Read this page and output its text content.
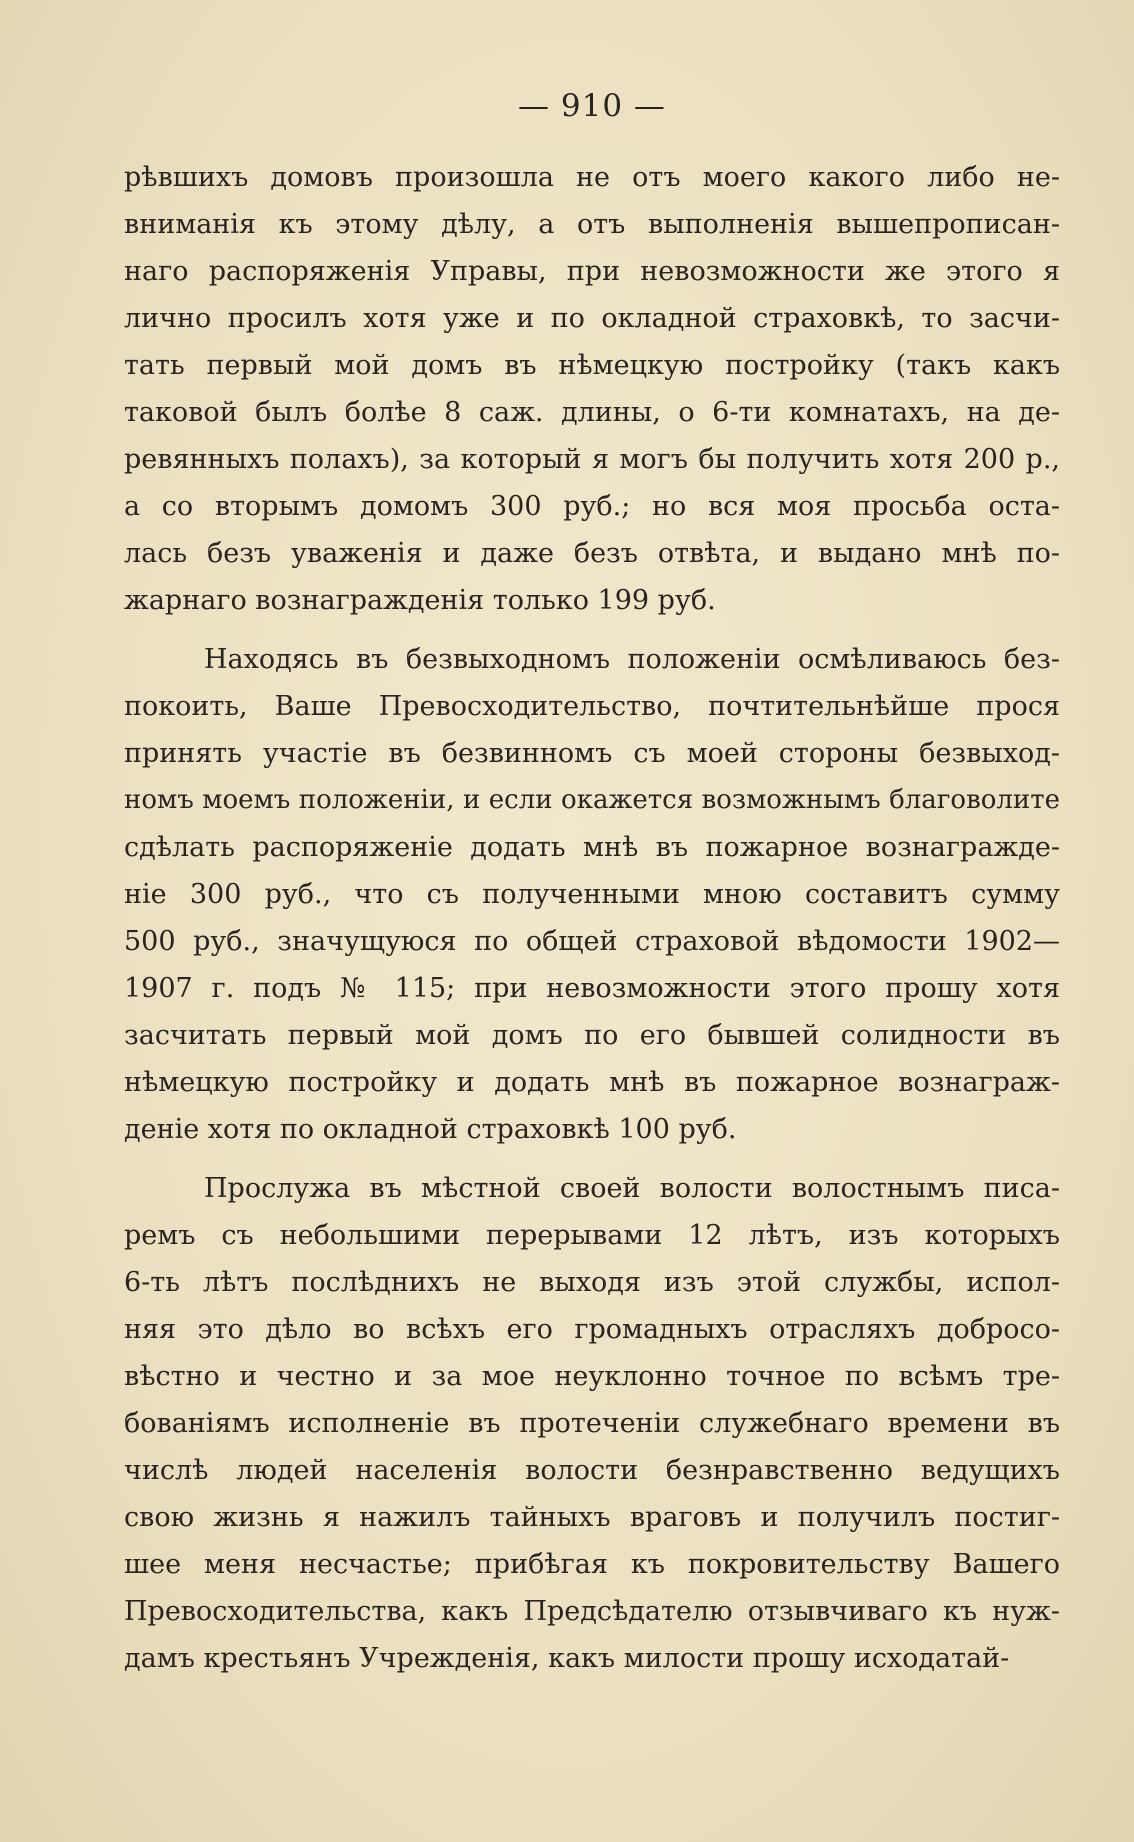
— 910 —
рѣвшихъ домовъ произошла не отъ моего какого либо не-
вниманія къ этому дѣлу, а отъ выполненія вышепрописан-
наго распоряженія Управы, при невозможности же этого я
лично просилъ хотя уже и по окладной страховкѣ, то засчи-
тать первый мой домъ въ нѣмецкую постройку (такъ какъ
таковой былъ болѣе 8 саж. длины, о 6-ти комнатахъ, на де-
ревянныхъ полахъ), за который я могъ бы получить хотя 200 р.,
а со вторымъ домомъ 300 руб.; но вся моя просьба оста-
лась безъ уваженія и даже безъ отвѣта, и выдано мнѣ по-
жарнаго вознагражденія только 199 руб.
Находясь въ безвыходномъ положеніи осмѣливаюсь без-
покоить, Ваше Превосходительство, почтительнѣйше прося
принять участіе въ безвинномъ съ моей стороны безвыход-
номъ моемъ положеніи, и если окажется возможнымъ благоволите
сдѣлать распоряженіе додать мнѣ въ пожарное вознагражде-
ніе 300 руб., что съ полученными мною составитъ сумму
500 руб., значущуюся по общей страховой вѣдомости 1902—
1907 г. подъ № 115; при невозможности этого прошу хотя
засчитать первый мой домъ по его бывшей солидности въ
нѣмецкую постройку и додать мнѣ въ пожарное вознаграж-
деніе хотя по окладной страховкѣ 100 руб.
Прослужа въ мѣстной своей волости волостнымъ писа-
ремъ съ небольшими перерывами 12 лѣтъ, изъ которыхъ
6-ть лѣтъ послѣднихъ не выходя изъ этой службы, испол-
няя это дѣло во всѣхъ его громадныхъ отрасляхъ добросо-
вѣстно и честно и за мое неуклонно точное по всѣмъ тре-
бованіямъ исполненіе въ протеченіи служебнаго времени въ
числѣ людей населенія волости безнравственно ведущихъ
свою жизнь я нажилъ тайныхъ враговъ и получилъ постиг-
шее меня несчастье; прибѣгая къ покровительству Вашего
Превосходительства, какъ Предсѣдателю отзывчиваго къ нуж-
дамъ крестьянъ Учрежденія, какъ милости прошу исходатай-
